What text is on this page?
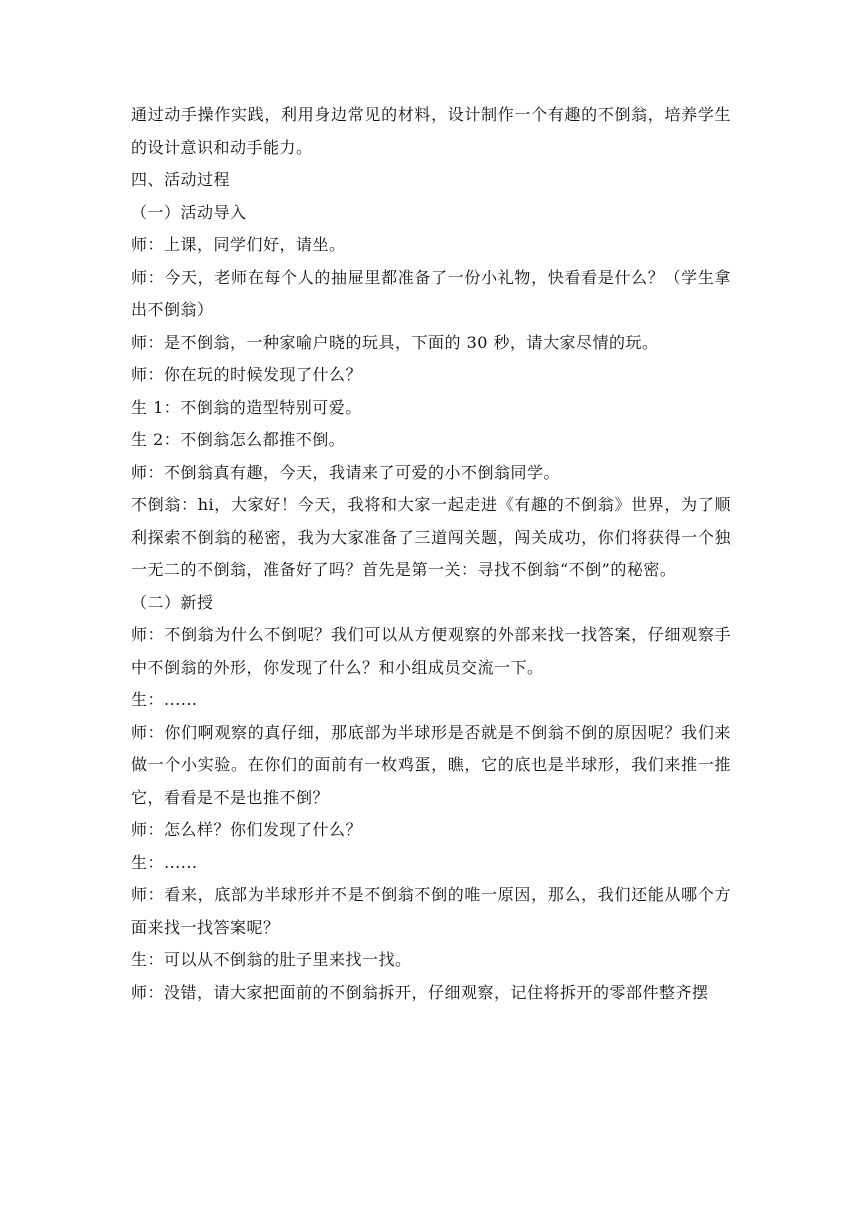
通过动手操作实践，利用身边常见的材料，设计制作一个有趣的不倒翁，培养学生的设计意识和动手能力。

四、活动过程

（一）活动导入

师：上课，同学们好，请坐。

师：今天，老师在每个人的抽屉里都准备了一份小礼物，快看看是什么？（学生拿出不倒翁）

师：是不倒翁，一种家喻户晓的玩具，下面的 30 秒，请大家尽情的玩。

师：你在玩的时候发现了什么？

生 1：不倒翁的造型特别可爱。

生 2：不倒翁怎么都推不倒。

师：不倒翁真有趣，今天，我请来了可爱的小不倒翁同学。

不倒翁：hi，大家好！今天，我将和大家一起走进《有趣的不倒翁》世界，为了顺利探索不倒翁的秘密，我为大家准备了三道闯关题，闯关成功，你们将获得一个独一无二的不倒翁，准备好了吗？首先是第一关：寻找不倒翁“不倒”的秘密。

（二）新授

师：不倒翁为什么不倒呢？我们可以从方便观察的外部来找一找答案，仔细观察手中不倒翁的外形，你发现了什么？和小组成员交流一下。

生：......

师：你们啊观察的真仔细，那底部为半球形是否就是不倒翁不倒的原因呢？我们来做一个小实验。在你们的面前有一枚鸡蛋，瞧，它的底也是半球形，我们来推一推它，看看是不是也推不倒？

师：怎么样？你们发现了什么？

生：......

师：看来，底部为半球形并不是不倒翁不倒的唯一原因，那么，我们还能从哪个方面来找一找答案呢？

生：可以从不倒翁的肚子里来找一找。

师：没错，请大家把面前的不倒翁拆开，仔细观察，记住将拆开的零部件整齐摆
